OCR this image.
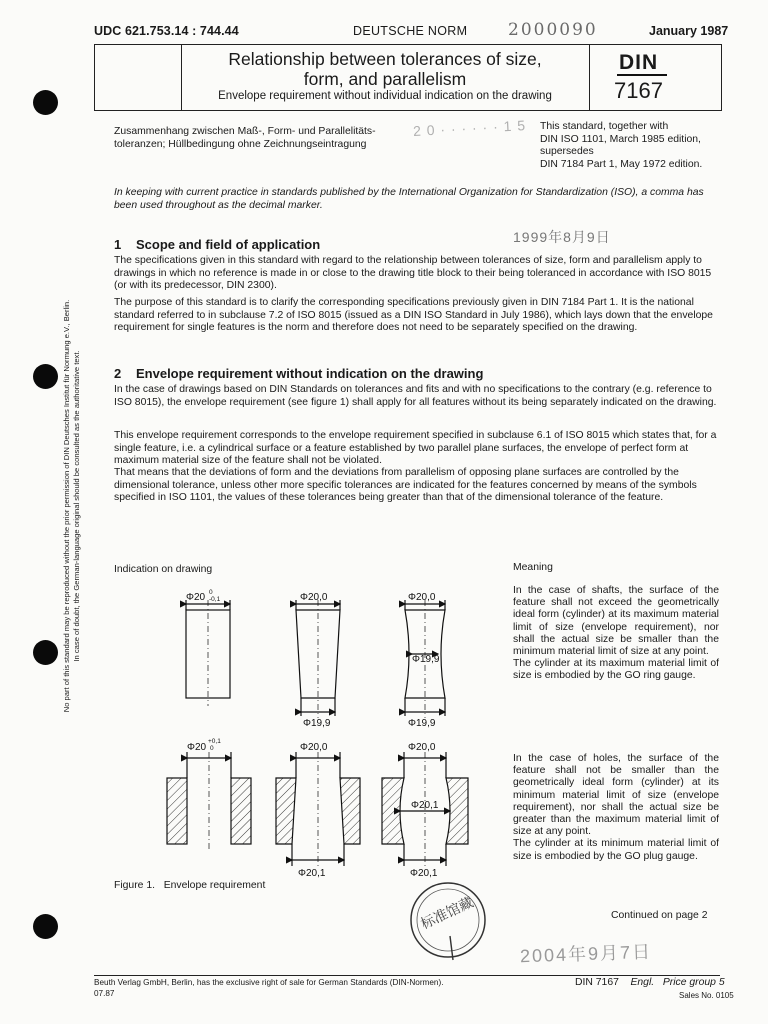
UDC 621.753.14 : 744.44	DEUTSCHE NORM 2000090	January 1987
Relationship between tolerances of size,
form, and parallelism
Envelope requirement without individual indication on the drawing
DIN
7167
Zusammenhang zwischen Maß-, Form- und Parallelitäts-toleranzen; Hüllbedingung ohne Zeichnungseintragung
2 0 · · · · · · 1 5 This standard, together with
DIN ISO 1101, March 1985 edition,
supersedes
DIN 7184 Part 1, May 1972 edition.
In keeping with current practice in standards published by the International Organization for Standardization (ISO), a comma has been used throughout as the decimal marker.
1999年8月9日
1 Scope and field of application
The specifications given in this standard with regard to the relationship between tolerances of size, form and parallelism apply to drawings in which no reference is made in or close to the drawing title block to their being toleranced in accordance with ISO 8015 (or with its predecessor, DIN 2300).
The purpose of this standard is to clarify the corresponding specifications previously given in DIN 7184 Part 1. It is the national standard referred to in subclause 7.2 of ISO 8015 (issued as a DIN ISO Standard in July 1986), which lays down that the envelope requirement for single features is the norm and therefore does not need to be separately specified on the drawing.
2 Envelope requirement without indication on the drawing
In the case of drawings based on DIN Standards on tolerances and fits and with no specifications to the contrary (e.g. reference to ISO 8015), the envelope requirement (see figure 1) shall apply for all features without its being separately indicated on the drawing.
This envelope requirement corresponds to the envelope requirement specified in subclause 6.1 of ISO 8015 which states that, for a single feature, i.e. a cylindrical surface or a feature established by two parallel plane surfaces, the envelope of perfect form at maximum material size of the feature shall not be violated.
That means that the deviations of form and the deviations from parallelism of opposing plane surfaces are controlled by the dimensional tolerance, unless other more specific tolerances are indicated for the features concerned by means of the symbols specified in ISO 1101, the values of these tolerances being greater than that of the dimensional tolerance of the feature.
No part of this standard may be reproduced without the prior permission of DIN Deutsches Institut für Normung e.V., Berlin. In case of doubt, the German-language original should be consulted as the authoritative text.	Indication on drawing	Meaning
Φ20 0
-0,1	Φ20,0
Φ19,9
Φ20,0
Φ19,9
Φ19,9
Φ20
+0,1
0	Φ20,0
Φ20,1
Φ20,0
Φ20,1
Φ20,1
In the case of shafts, the surface of the feature shall not exceed the geometrically ideal form (cylinder) at its maximum material limit of size (envelope requirement), nor shall the actual size be smaller than the minimum material limit of size at any point.
The cylinder at its maximum material limit of size is embodied by the GO ring gauge.
In the case of holes, the surface of the feature shall not be smaller than the geometrically ideal form (cylinder) at its minimum material limit of size (envelope requirement), nor shall the actual size be greater than the maximum material limit of size at any point.
The cylinder at its minimum material limit of size is embodied by the GO plug gauge.
Figure 1. Envelope requirement
标准馆藏	Continued on page 2
2004年9月7日
Beuth Verlag GmbH, Berlin, has the exclusive right of sale for German Standards (DIN-Normen).
07.87
DIN 7167 Engl. Price group 5
Sales No. 0105
